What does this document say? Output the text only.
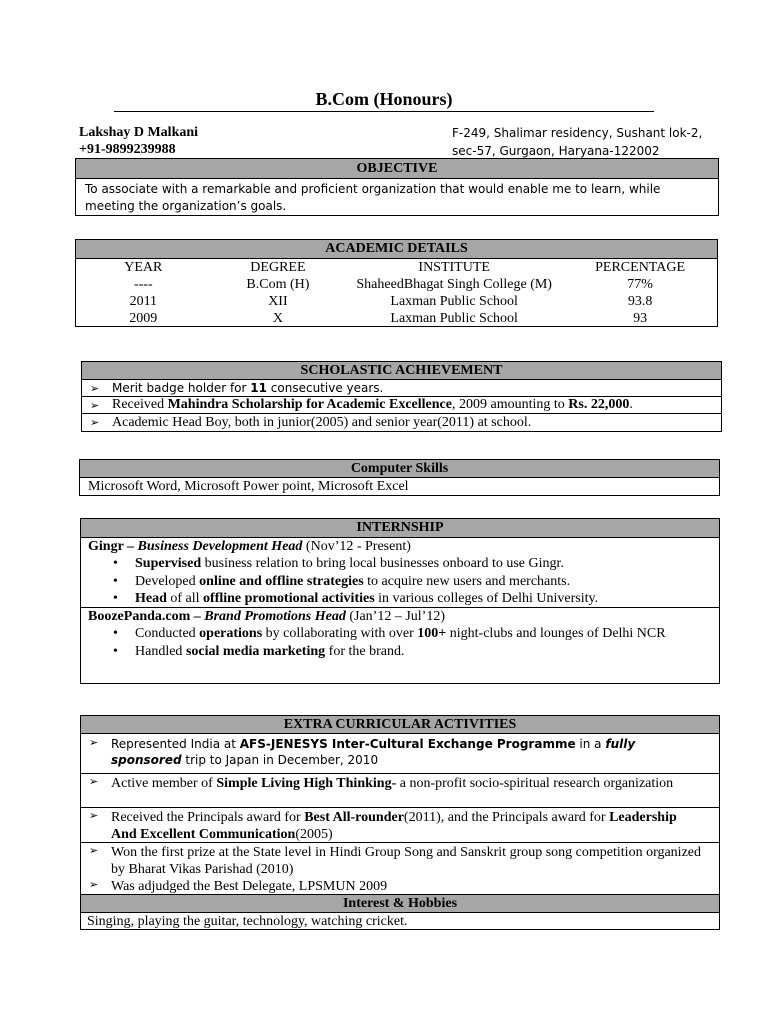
B.Com (Honours)
Lakshay D Malkani
+91-9899239988
F-249, Shalimar residency, Sushant lok-2,
sec-57, Gurgaon, Haryana-122002
OBJECTIVE
To associate with a remarkable and proficient organization that would enable me to learn, while meeting the organization’s goals.
ACADEMIC DETAILS
YEAR	DEGREE	INSTITUTE	PERCENTAGE
----	B.Com (H)	ShaheedBhagat Singh College (M)	77%
2011	XII	Laxman Public School	93.8
2009	X	Laxman Public School	93
SCHOLASTIC ACHIEVEMENT
➢	Merit badge holder for 11 consecutive years.
➢ Received Mahindra Scholarship for Academic Excellence, 2009 amounting to Rs. 22,000.
➢ Academic Head Boy, both in junior(2005) and senior year(2011) at school.
Computer Skills
Microsoft Word, Microsoft Power point, Microsoft Excel
INTERNSHIP
Gingr – Business Development Head (Nov’12 - Present)
• Supervised business relation to bring local businesses onboard to use Gingr.
• Developed online and offline strategies to acquire new users and merchants.
• Head of all offline promotional activities in various colleges of Delhi University.
BoozePanda.com – Brand Promotions Head (Jan’12 – Jul’12)
• Conducted operations by collaborating with over 100+ night-clubs and lounges of Delhi NCR
• Handled social media marketing for the brand.
EXTRA CURRICULAR ACTIVITIES
➢	Represented India at AFS-JENESYS Inter-Cultural Exchange Programme in a fully sponsored trip to Japan in December, 2010
➢ Active member of Simple Living High Thinking- a non-profit socio-spiritual research organization
➢ Received the Principals award for Best All-rounder(2011), and the Principals award for Leadership And Excellent Communication(2005)
➢ Won the first prize at the State level in Hindi Group Song and Sanskrit group song competition organized by Bharat Vikas Parishad (2010)
➢ Was adjudged the Best Delegate, LPSMUN 2009
Interest & Hobbies
Singing, playing the guitar, technology, watching cricket.
